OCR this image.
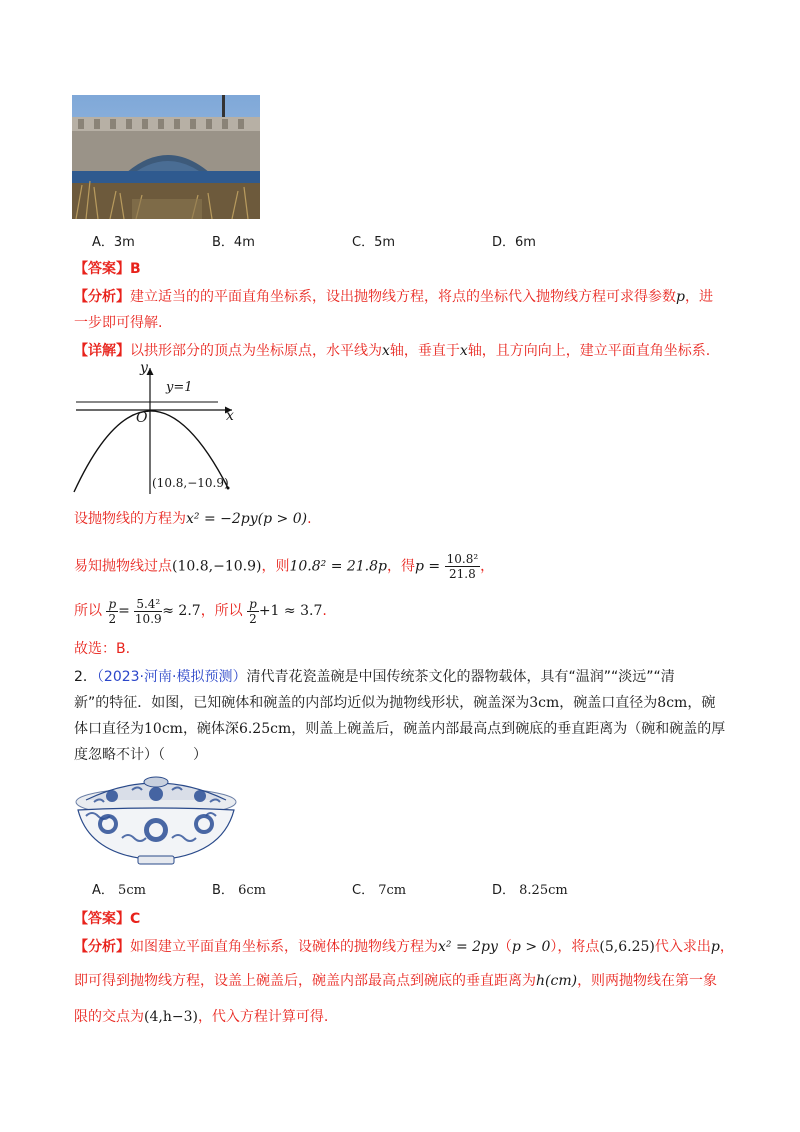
A．3m	B．4m	C．5m	D．6m
【答案】B
【分析】建立适当的的平面直角坐标系，设出抛物线方程，将点的坐标代入抛物线方程可求得参数p，进
一步即可得解.
【详解】以拱形部分的顶点为坐标原点，水平线为x轴，垂直于x轴，且方向向上，建立平面直角坐标系.
y
x
O
y=1
(10.8,−10.9)
设抛物线的方程为x² = −2py(p > 0).
易知抛物线过点(10.8,−10.9)，则10.8² = 21.8p，得$p = \frac{\text{10.8²}}{21.8}$ ，
所以 $\frac{p}{2} = \frac{\text{5.4²}}{10.9} \approx 2.7$，所以 $\frac{p}{2} +1 \approx 3.7$.
故选：B.
2．（2023·河南·模拟预测）清代青花瓷盖碗是中国传统茶文化的器物载体，具有“温润”“淡远”“清
新”的特征．如图，已知碗体和碗盖的内部均近似为抛物线形状，碗盖深为3cm，碗盖口直径为8cm，碗
体口直径为10cm，碗体深6.25cm，则盖上碗盖后，碗盖内部最高点到碗底的垂直距离为（碗和碗盖的厚
度忽略不计）（　　）
A． 5cm	B． 6cm	C． 7cm	D． 8.25cm
【答案】C
【分析】如图建立平面直角坐标系，设碗体的抛物线方程为x² = 2py（p > 0），将点(5,6.25)代入求出p，
即可得到抛物线方程，设盖上碗盖后，碗盖内部最高点到碗底的垂直距离为h(cm)，则两抛物线在第一象
限的交点为(4,h−3)，代入方程计算可得.
